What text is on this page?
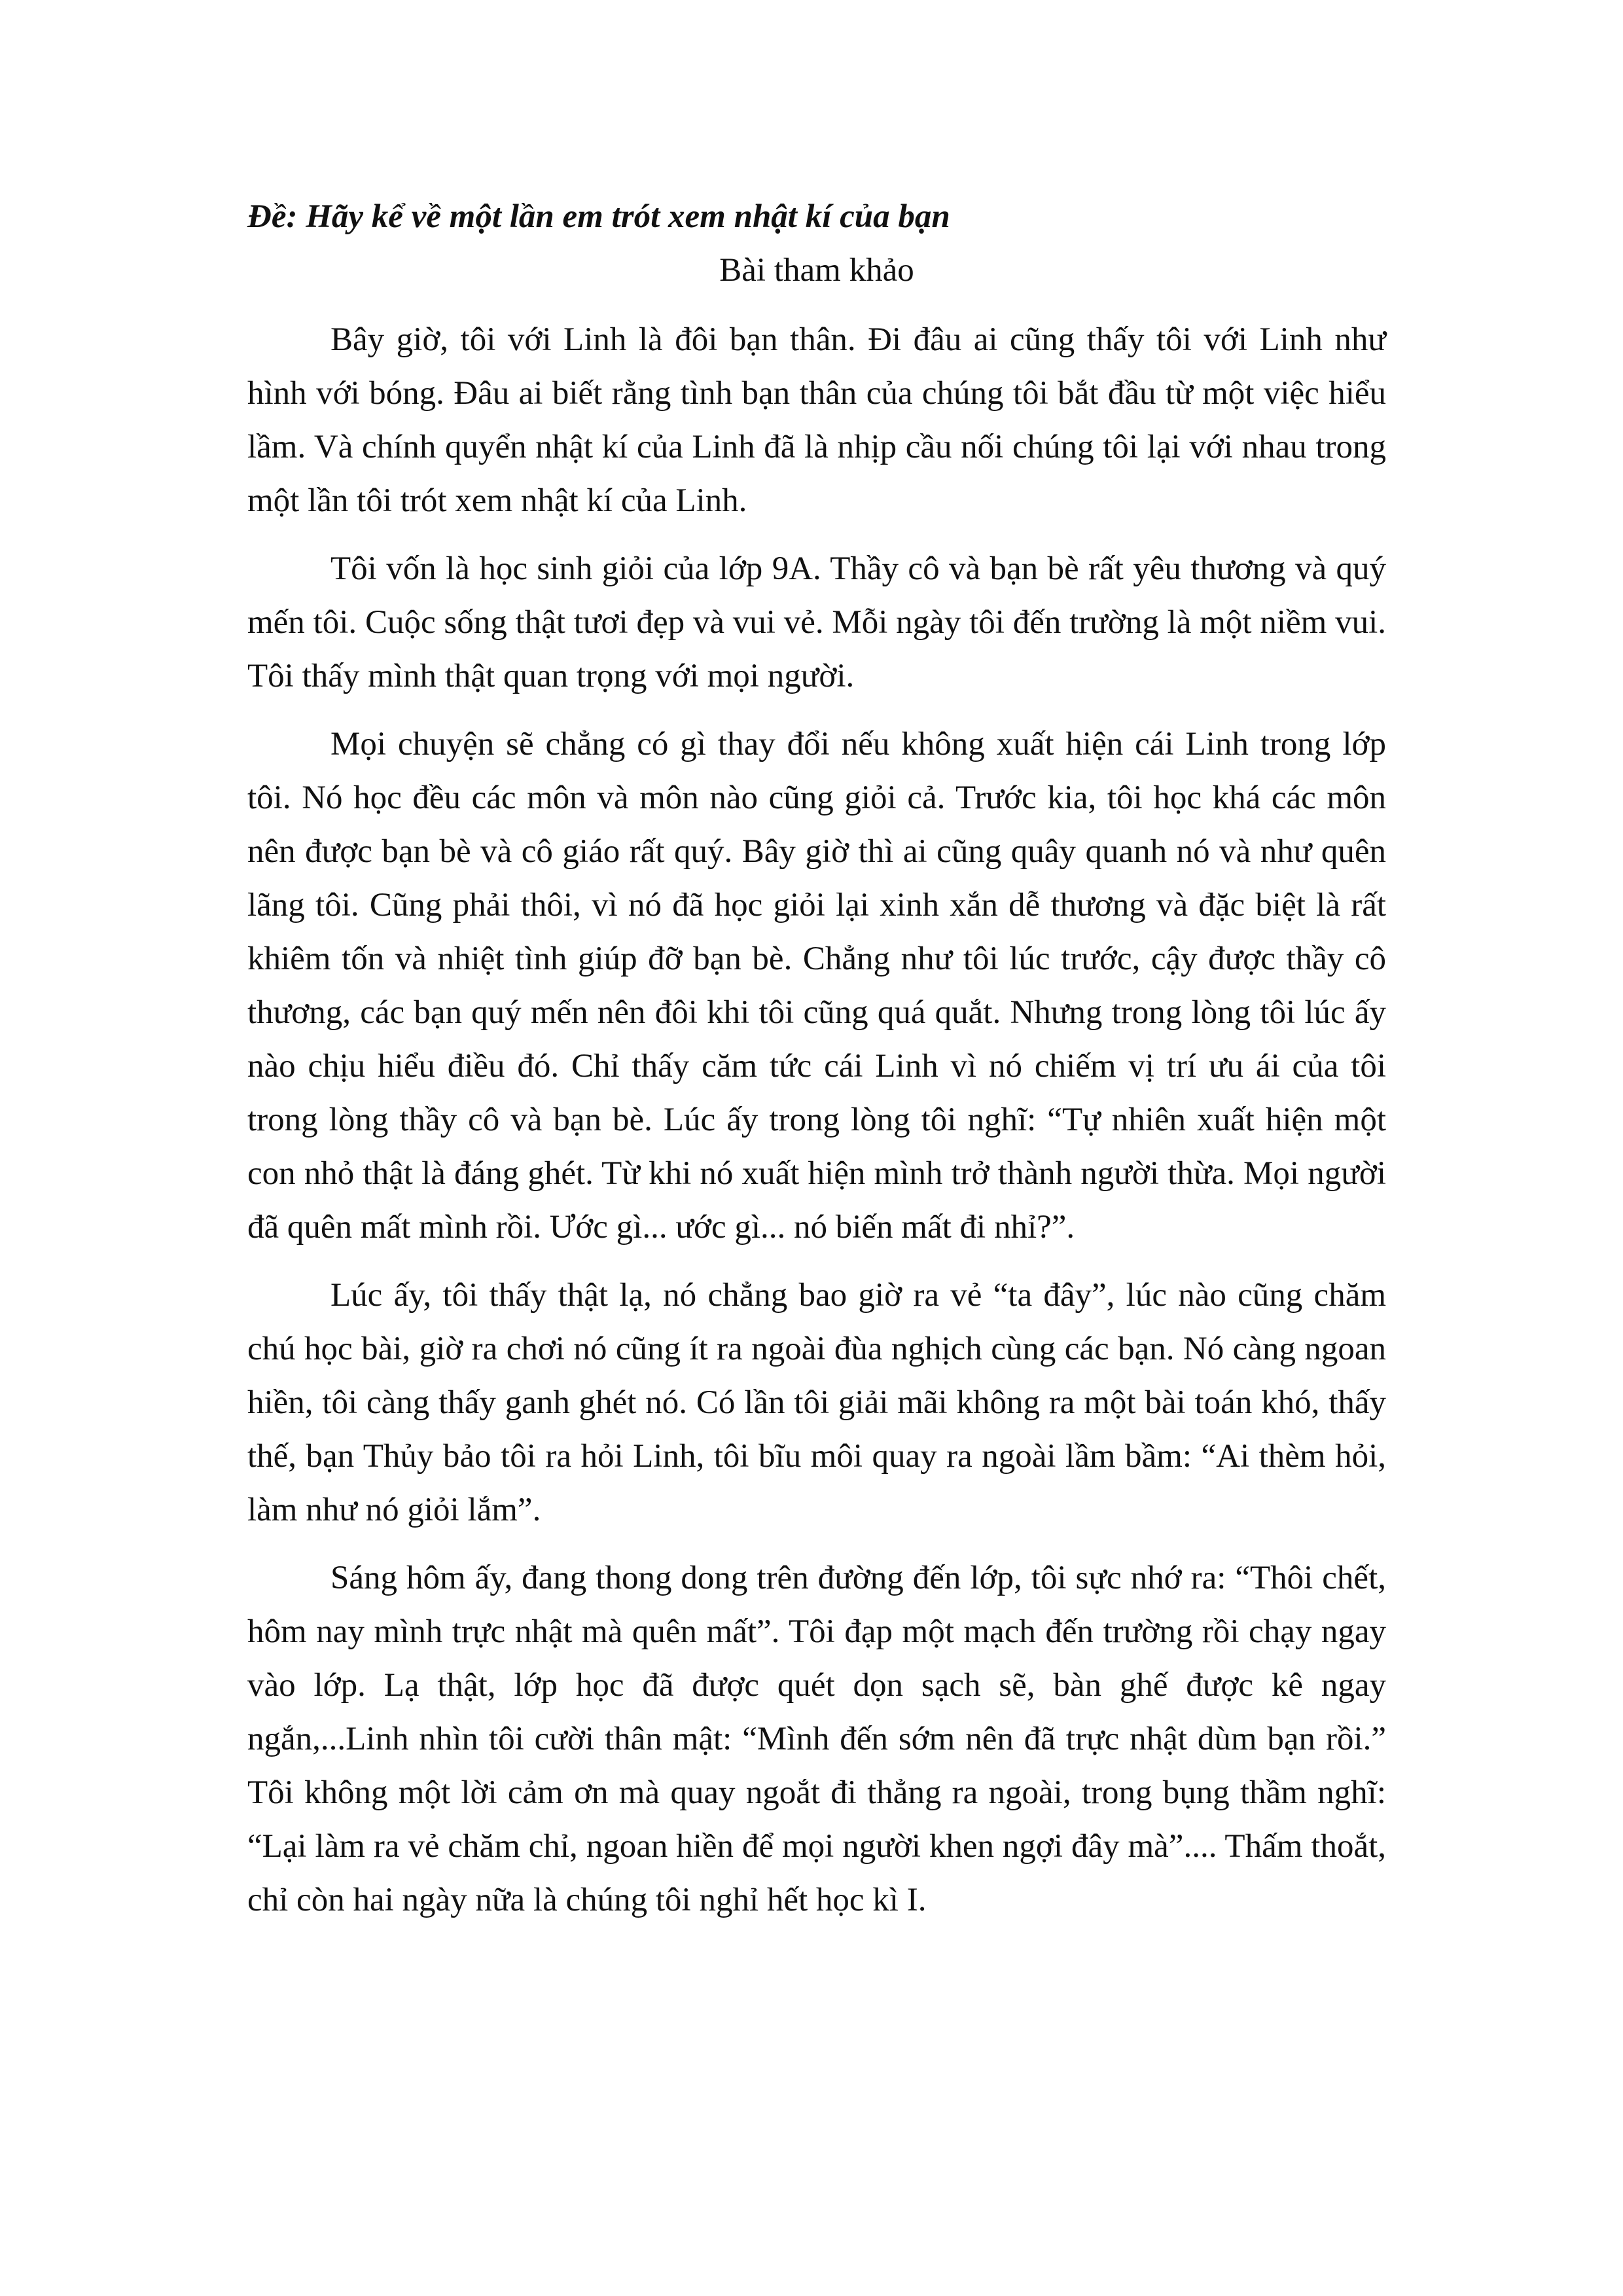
Đề: Hãy kể về một lần em trót xem nhật kí của bạn

Bài tham khảo

Bây giờ, tôi với Linh là đôi bạn thân. Đi đâu ai cũng thấy tôi với Linh như hình với bóng. Đâu ai biết rằng tình bạn thân của chúng tôi bắt đầu từ một việc hiểu lầm. Và chính quyển nhật kí của Linh đã là nhịp cầu nối chúng tôi lại với nhau trong một lần tôi trót xem nhật kí của Linh.

Tôi vốn là học sinh giỏi của lớp 9A. Thầy cô và bạn bè rất yêu thương và quý mến tôi. Cuộc sống thật tươi đẹp và vui vẻ. Mỗi ngày tôi đến trường là một niềm vui. Tôi thấy mình thật quan trọng với mọi người.

Mọi chuyện sẽ chẳng có gì thay đổi nếu không xuất hiện cái Linh trong lớp tôi. Nó học đều các môn và môn nào cũng giỏi cả. Trước kia, tôi học khá các môn nên được bạn bè và cô giáo rất quý. Bây giờ thì ai cũng quây quanh nó và như quên lãng tôi. Cũng phải thôi, vì nó đã học giỏi lại xinh xắn dễ thương và đặc biệt là rất khiêm tốn và nhiệt tình giúp đỡ bạn bè. Chẳng như tôi lúc trước, cậy được thầy cô thương, các bạn quý mến nên đôi khi tôi cũng quá quắt. Nhưng trong lòng tôi lúc ấy nào chịu hiểu điều đó. Chỉ thấy căm tức cái Linh vì nó chiếm vị trí ưu ái của tôi trong lòng thầy cô và bạn bè. Lúc ấy trong lòng tôi nghĩ: “Tự nhiên xuất hiện một con nhỏ thật là đáng ghét. Từ khi nó xuất hiện mình trở thành người thừa. Mọi người đã quên mất mình rồi. Ước gì... ước gì... nó biến mất đi nhỉ?”.

Lúc ấy, tôi thấy thật lạ, nó chẳng bao giờ ra vẻ “ta đây”, lúc nào cũng chăm chú học bài, giờ ra chơi nó cũng ít ra ngoài đùa nghịch cùng các bạn. Nó càng ngoan hiền, tôi càng thấy ganh ghét nó. Có lần tôi giải mãi không ra một bài toán khó, thấy thế, bạn Thủy bảo tôi ra hỏi Linh, tôi bĩu môi quay ra ngoài lầm bầm: “Ai thèm hỏi, làm như nó giỏi lắm”.

Sáng hôm ấy, đang thong dong trên đường đến lớp, tôi sực nhớ ra: “Thôi chết, hôm nay mình trực nhật mà quên mất”. Tôi đạp một mạch đến trường rồi chạy ngay vào lớp. Lạ thật, lớp học đã được quét dọn sạch sẽ, bàn ghế được kê ngay ngắn,...Linh nhìn tôi cười thân mật: “Mình đến sớm nên đã trực nhật dùm bạn rồi.” Tôi không một lời cảm ơn mà quay ngoắt đi thẳng ra ngoài, trong bụng thầm nghĩ: “Lại làm ra vẻ chăm chỉ, ngoan hiền để mọi người khen ngợi đây mà”.... Thấm thoắt, chỉ còn hai ngày nữa là chúng tôi nghỉ hết học kì I.
